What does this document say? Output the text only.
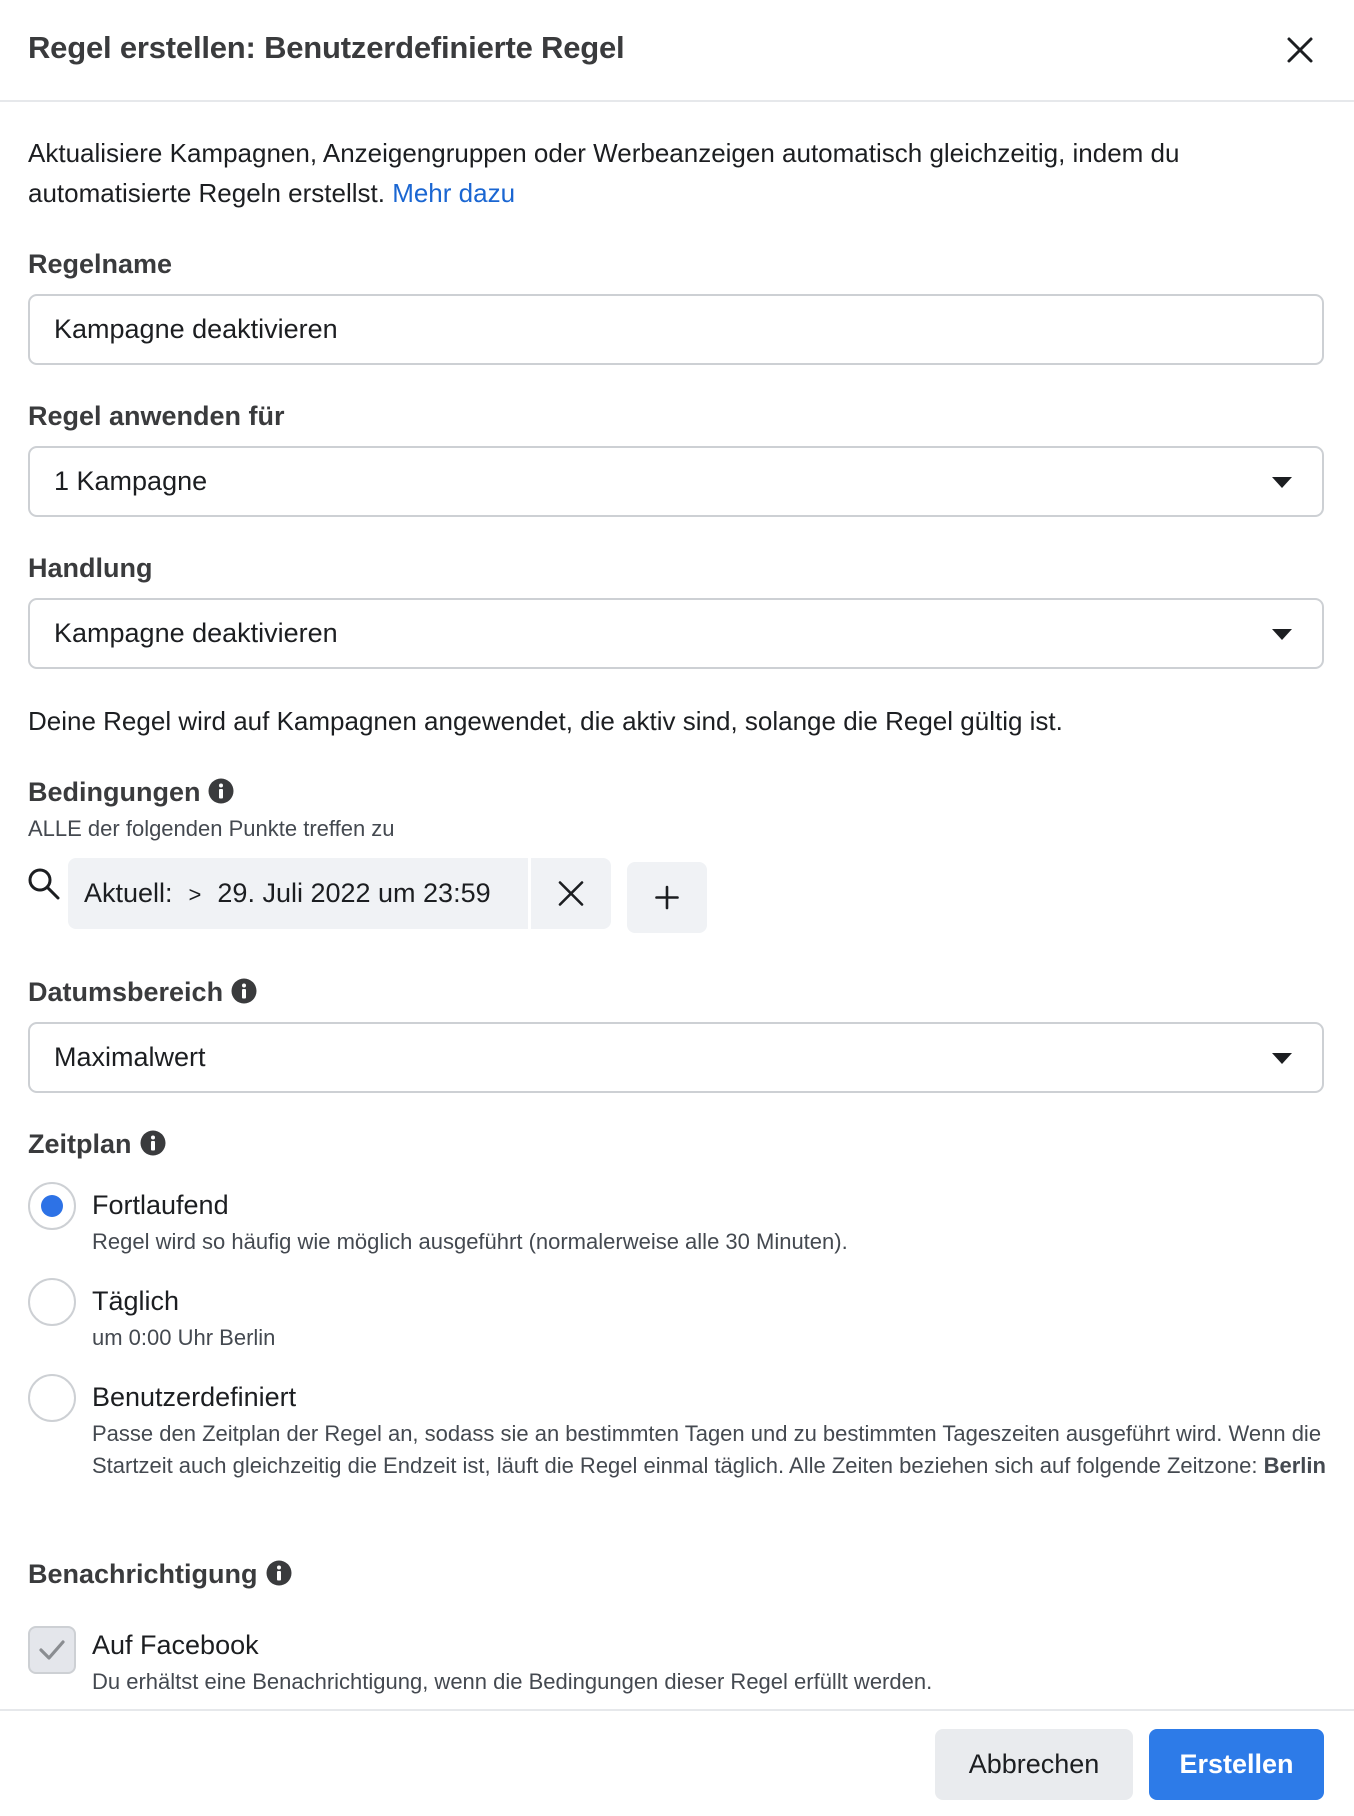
Regel erstellen: Benutzerdefinierte Regel
Aktualisiere Kampagnen, Anzeigengruppen oder Werbeanzeigen automatisch gleichzeitig, indem du automatisierte Regeln erstellst. Mehr dazu
Regelname
Kampagne deaktivieren
Regel anwenden für
1 Kampagne
Handlung
Kampagne deaktivieren
Deine Regel wird auf Kampagnen angewendet, die aktiv sind, solange die Regel gültig ist.
Bedingungen
ALLE der folgenden Punkte treffen zu
Aktuell: > 29. Juli 2022 um 23:59
Datumsbereich
Maximalwert
Zeitplan
Fortlaufend
Regel wird so häufig wie möglich ausgeführt (normalerweise alle 30 Minuten).
Täglich
um 0:00 Uhr Berlin
Benutzerdefiniert
Passe den Zeitplan der Regel an, sodass sie an bestimmten Tagen und zu bestimmten Tageszeiten ausgeführt wird. Wenn die Startzeit auch gleichzeitig die Endzeit ist, läuft die Regel einmal täglich. Alle Zeiten beziehen sich auf folgende Zeitzone: Berlin
Benachrichtigung
Auf Facebook
Du erhältst eine Benachrichtigung, wenn die Bedingungen dieser Regel erfüllt werden.
Abbrechen	Erstellen
